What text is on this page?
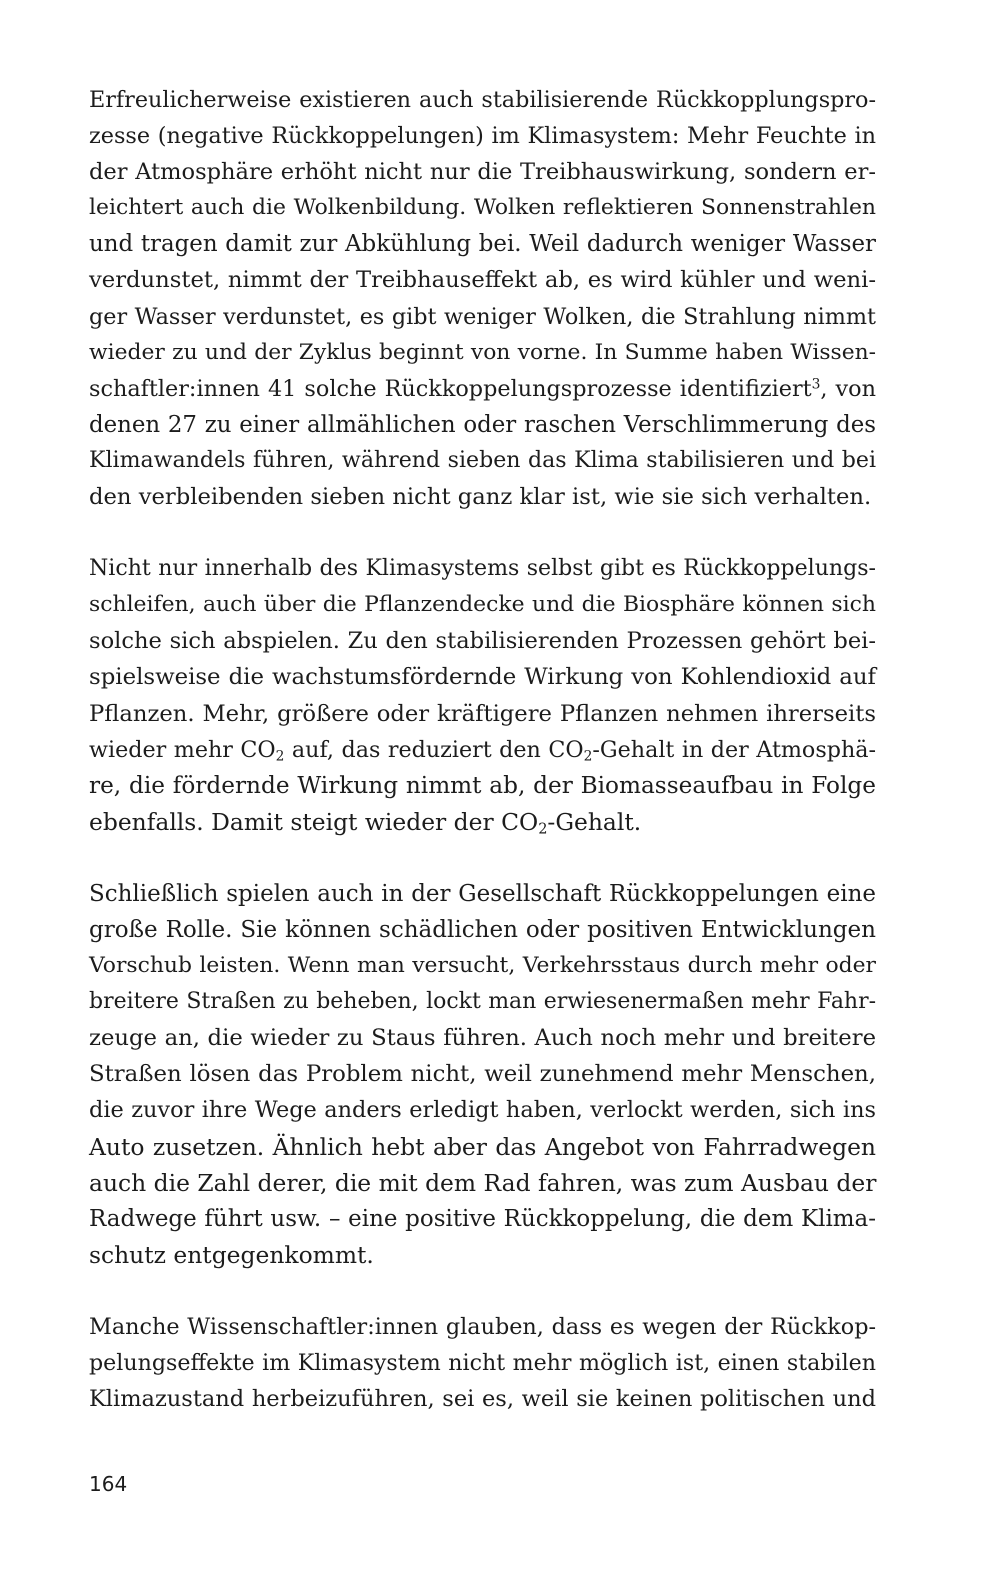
Erfreulicherweise existieren auch stabilisierende Rückkopplungspro-
zesse (negative Rückkoppelungen) im Klimasystem: Mehr Feuchte in
der Atmosphäre erhöht nicht nur die Treibhauswirkung, sondern er-
leichtert auch die Wolkenbildung. Wolken reflektieren Sonnenstrahlen
und tragen damit zur Abkühlung bei. Weil dadurch weniger Wasser
verdunstet, nimmt der Treibhauseffekt ab, es wird kühler und weni-
ger Wasser verdunstet, es gibt weniger Wolken, die Strahlung nimmt
wieder zu und der Zyklus beginnt von vorne. In Summe haben Wissen-
schaftler:innen 41 solche Rückkoppelungsprozesse identifiziert$^3$, von
denen 27 zu einer allmählichen oder raschen Verschlimmerung des
Klimawandels führen, während sieben das Klima stabilisieren und bei
den verbleibenden sieben nicht ganz klar ist, wie sie sich verhalten.
Nicht nur innerhalb des Klimasystems selbst gibt es Rückkoppelungs-
schleifen, auch über die Pflanzendecke und die Biosphäre können sich
solche sich abspielen. Zu den stabilisierenden Prozessen gehört bei-
spielsweise die wachstumsfördernde Wirkung von Kohlendioxid auf
Pflanzen. Mehr, größere oder kräftigere Pflanzen nehmen ihrerseits
wieder mehr $CO_2$ auf, das reduziert den $CO_2$-Gehalt in der Atmosphä-
re, die fördernde Wirkung nimmt ab, der Biomasseaufbau in Folge
ebenfalls. Damit steigt wieder der $CO_2$-Gehalt.
Schließlich spielen auch in der Gesellschaft Rückkoppelungen eine
große Rolle. Sie können schädlichen oder positiven Entwicklungen
Vorschub leisten. Wenn man versucht, Verkehrsstaus durch mehr oder
breitere Straßen zu beheben, lockt man erwiesenermaßen mehr Fahr-
zeuge an, die wieder zu Staus führen. Auch noch mehr und breitere
Straßen lösen das Problem nicht, weil zunehmend mehr Menschen,
die zuvor ihre Wege anders erledigt haben, verlockt werden, sich ins
Auto zusetzen. Ähnlich hebt aber das Angebot von Fahrradwegen
auch die Zahl derer, die mit dem Rad fahren, was zum Ausbau der
Radwege führt usw. – eine positive Rückkoppelung, die dem Klima-
schutz entgegenkommt.
Manche Wissenschaftler:innen glauben, dass es wegen der Rückkop-
pelungseffekte im Klimasystem nicht mehr möglich ist, einen stabilen
Klimazustand herbeizuführen, sei es, weil sie keinen politischen und
164
